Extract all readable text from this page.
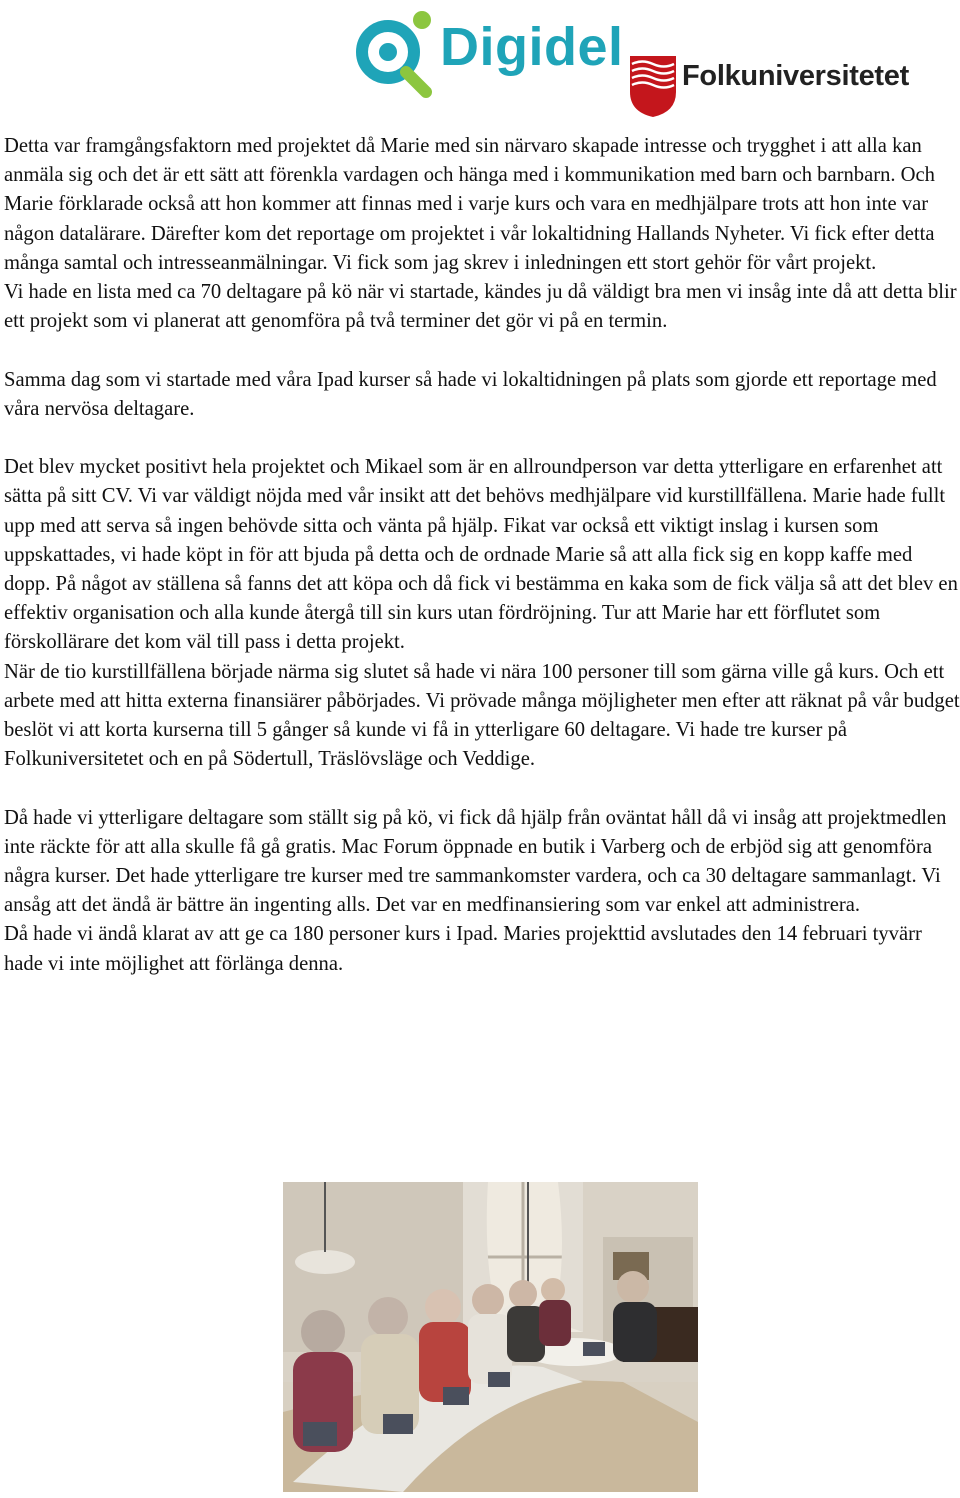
Digidel Folkuniversitetet

Detta var framgångsfaktorn med projektet då Marie med sin närvaro skapade intresse och trygghet i att alla kan anmäla sig och det är ett sätt att förenkla vardagen och hänga med i kommunikation med barn och barnbarn. Och Marie förklarade också att hon kommer att finnas med i varje kurs och vara en medhjälpare trots att hon inte var någon datalärare. Därefter kom det reportage om projektet i vår lokaltidning Hallands Nyheter. Vi fick efter detta många samtal och intresseanmälningar. Vi fick som jag skrev i inledningen ett stort gehör för vårt projekt.

Vi hade en lista med ca 70 deltagare på kö när vi startade, kändes ju då väldigt bra men vi insåg inte då att detta blir ett projekt som vi planerat att genomföra på två terminer det gör vi på en termin.

Samma dag som vi startade med våra Ipad kurser så hade vi lokaltidningen på plats som gjorde ett reportage med våra nervösa deltagare.

Det blev mycket positivt hela projektet och Mikael som är en allroundperson var detta ytterligare en erfarenhet att sätta på sitt CV. Vi var väldigt nöjda med vår insikt att det behövs medhjälpare vid kurstillfällena. Marie hade fullt upp med att serva så ingen behövde sitta och vänta på hjälp. Fikat var också ett viktigt inslag i kursen som uppskattades, vi hade köpt in för att bjuda på detta och de ordnade Marie så att alla fick sig en kopp kaffe med dopp. På något av ställena så fanns det att köpa och då fick vi bestämma en kaka som de fick välja så att det blev en effektiv organisation och alla kunde återgå till sin kurs utan fördröjning. Tur att Marie har ett förflutet som förskollärare det kom väl till pass i detta projekt.

När de tio kurstillfällena började närma sig slutet så hade vi nära 100 personer till som gärna ville gå kurs. Och ett arbete med att hitta externa finansiärer påbörjades. Vi prövade många möjligheter men efter att räknat på vår budget beslöt vi att korta kurserna till 5 gånger så kunde vi få in ytterligare 60 deltagare. Vi hade tre kurser på Folkuniversitetet och en på Södertull, Träslövsläge och Veddige.

Då hade vi ytterligare deltagare som ställt sig på kö, vi fick då hjälp från oväntat håll då vi insåg att projektmedlen inte räckte för att alla skulle få gå gratis. Mac Forum öppnade en butik i Varberg och de erbjöd sig att genomföra några kurser. Det hade ytterligare tre kurser med tre sammankomster vardera, och ca 30 deltagare sammanlagt. Vi ansåg att det ändå är bättre än ingenting alls. Det var en medfinansiering som var enkel att administrera.

Då hade vi ändå klarat av att ge ca 180 personer kurs i Ipad. Maries projekttid avslutades den 14 februari tyvärr hade vi inte möjlighet att förlänga denna.
